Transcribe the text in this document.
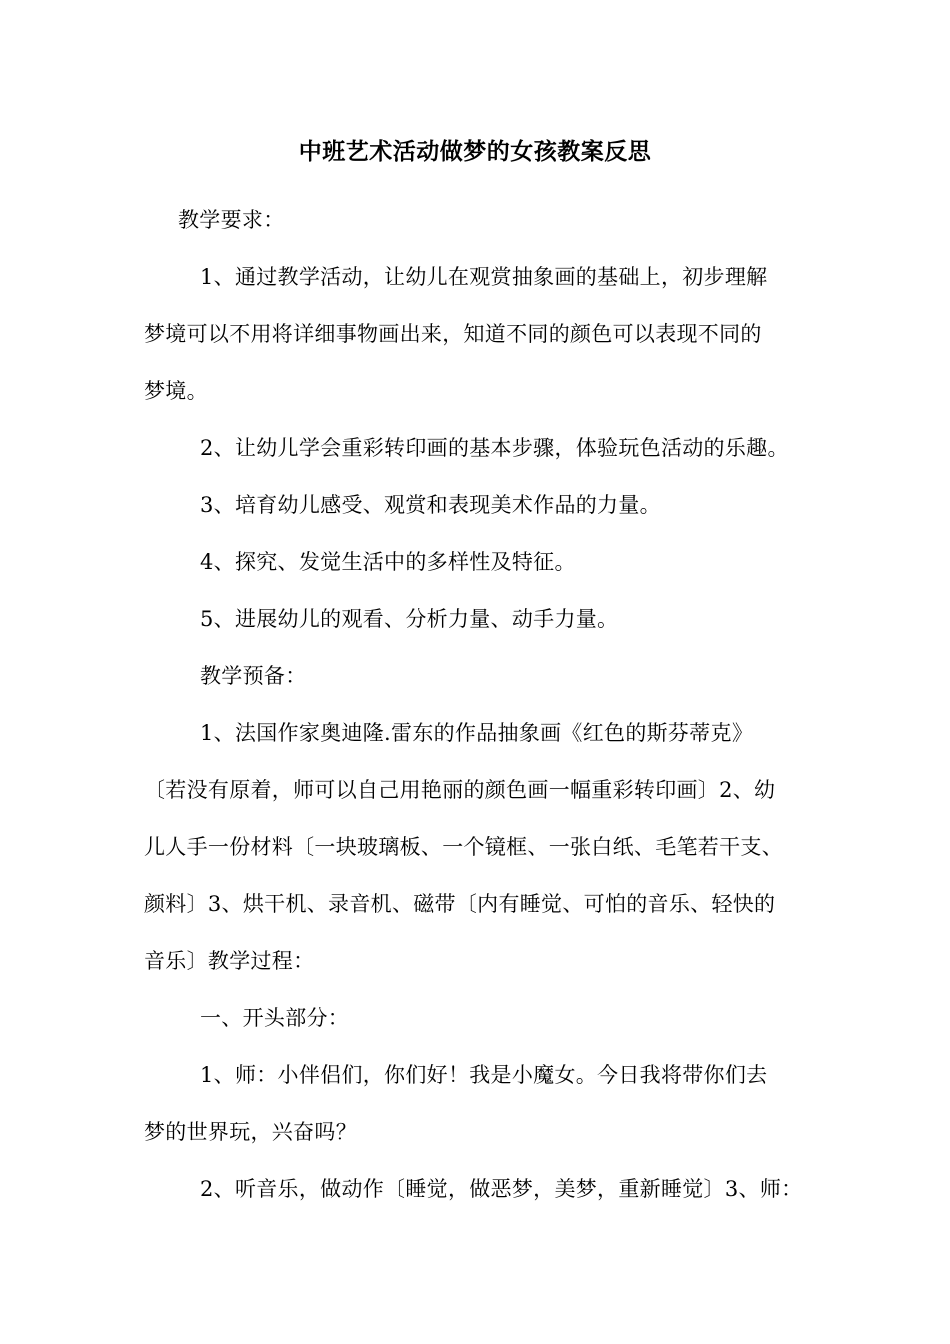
中班艺术活动做梦的女孩教案反思
教学要求：
1、通过教学活动，让幼儿在观赏抽象画的基础上，初步理解
梦境可以不用将详细事物画出来，知道不同的颜色可以表现不同的
梦境。
2、让幼儿学会重彩转印画的基本步骤，体验玩色活动的乐趣。
3、培育幼儿感受、观赏和表现美术作品的力量。
4、探究、发觉生活中的多样性及特征。
5、进展幼儿的观看、分析力量、动手力量。
教学预备：
1、法国作家奥迪隆.雷东的作品抽象画《红色的斯芬蒂克》
〔若没有原着，师可以自己用艳丽的颜色画一幅重彩转印画〕2、幼
儿人手一份材料〔一块玻璃板、一个镜框、一张白纸、毛笔若干支、
颜料〕3、烘干机、录音机、磁带〔内有睡觉、可怕的音乐、轻快的
音乐〕教学过程：
一、开头部分：
1、师：小伴侣们，你们好！我是小魔女。今日我将带你们去
梦的世界玩，兴奋吗？
2、听音乐，做动作〔睡觉，做恶梦，美梦，重新睡觉〕3、师：
